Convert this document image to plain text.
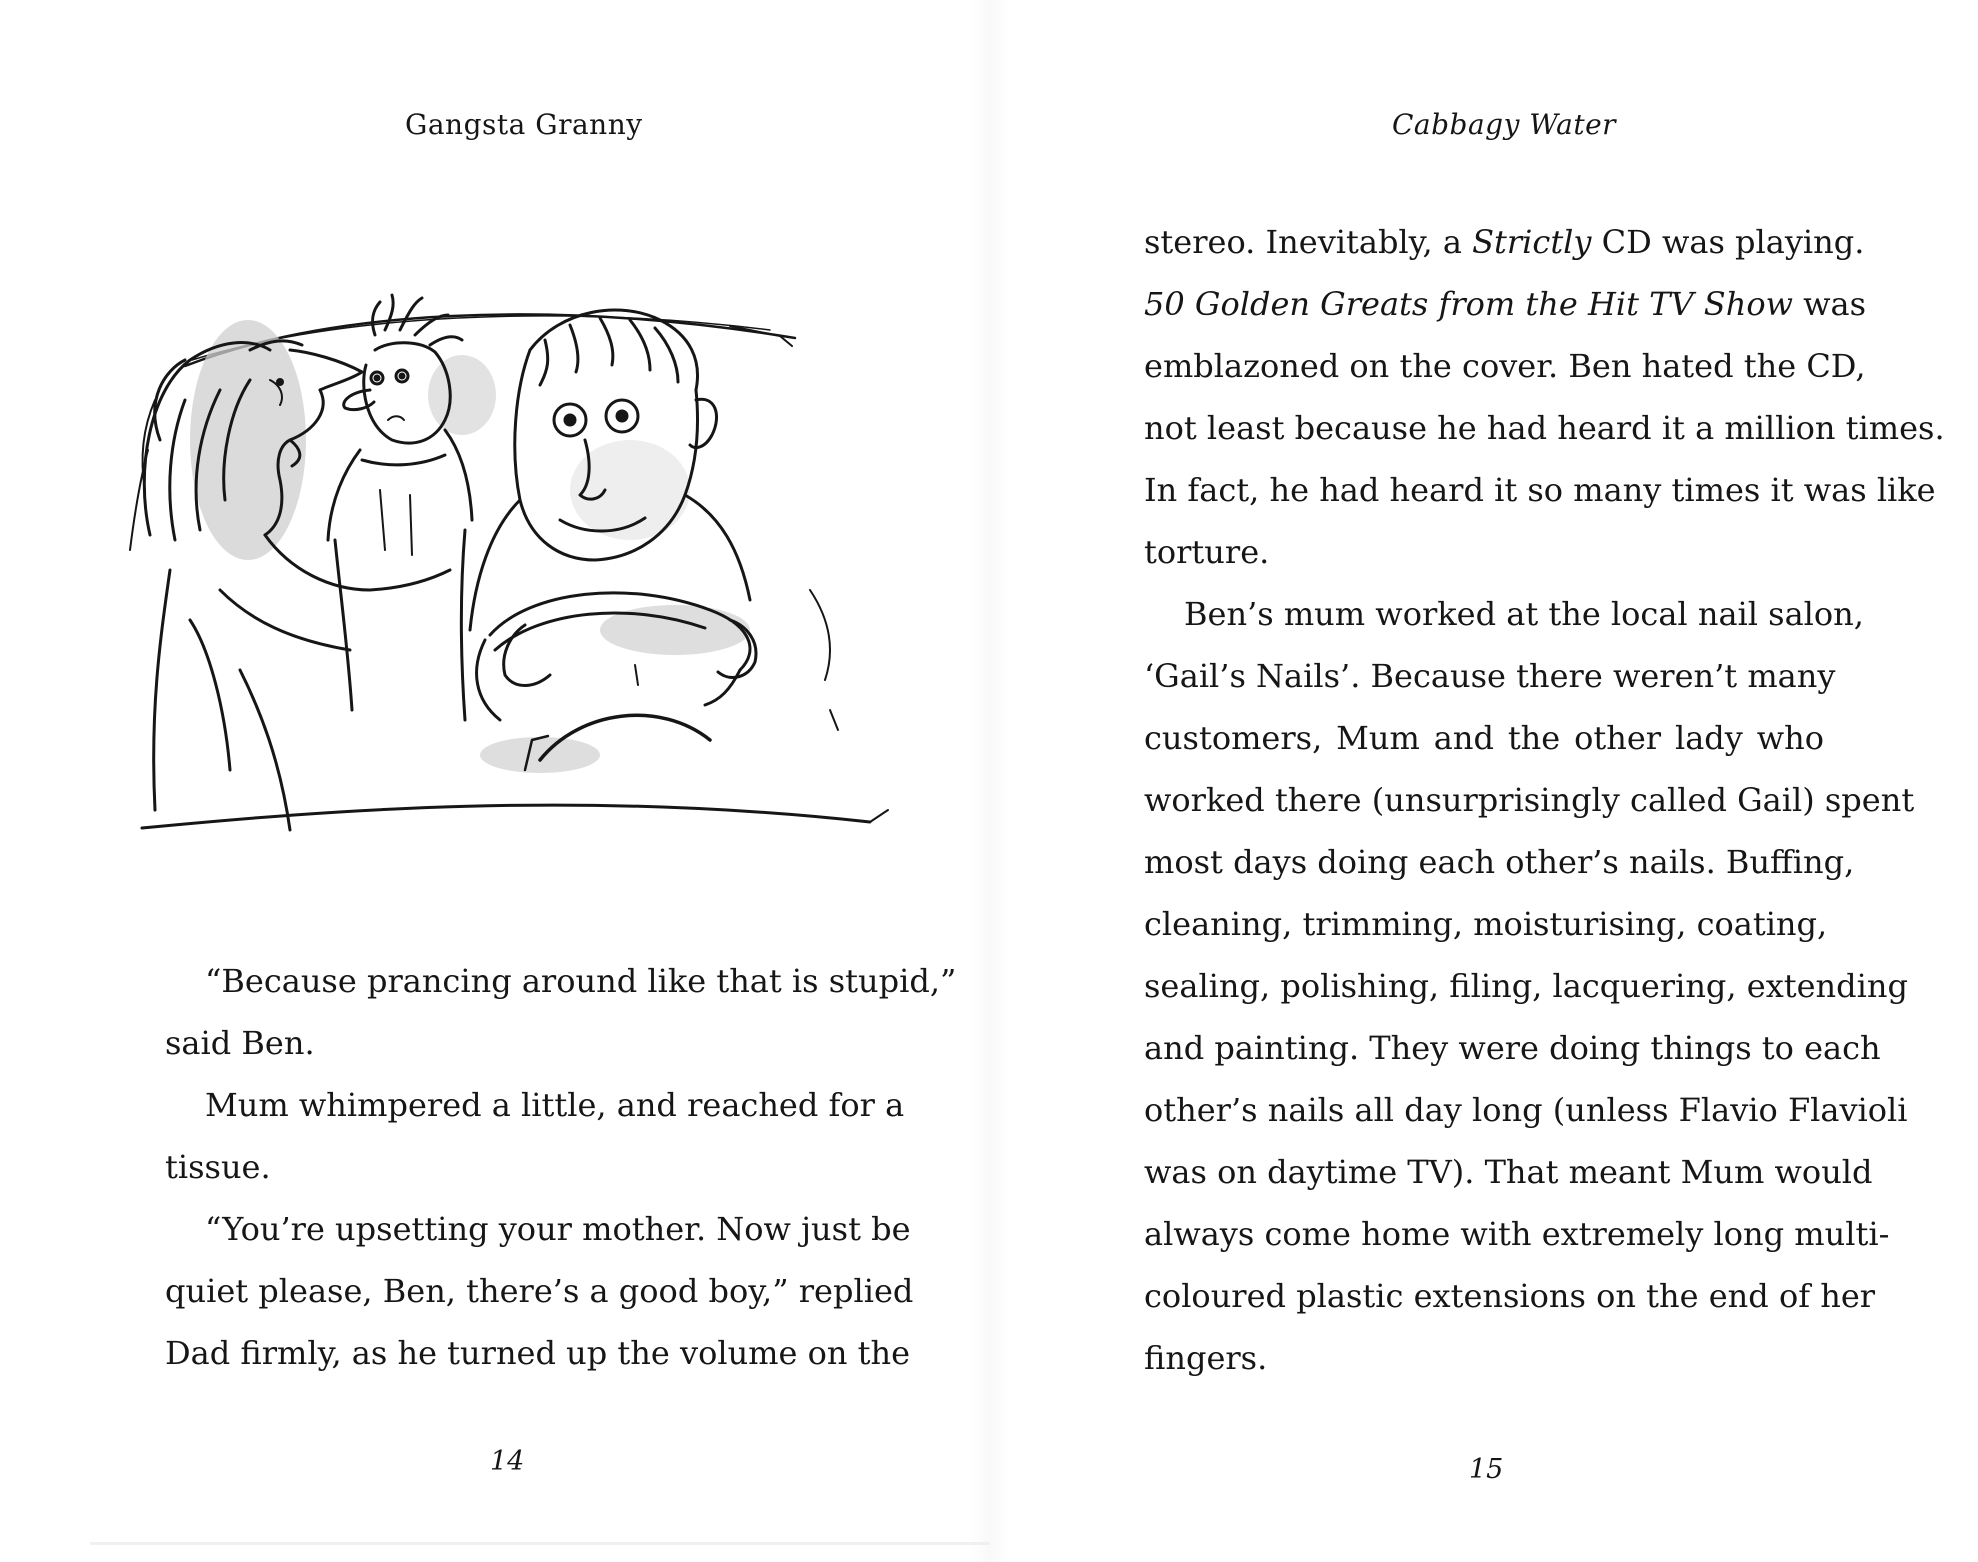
Gangsta Granny
“Because prancing around like that is stupid,”
said Ben.
Mum whimpered a little, and reached for a
tissue.
“You’re upsetting your mother. Now just be
quiet please, Ben, there’s a good boy,” replied
Dad firmly, as he turned up the volume on the
14
Cabbagy Water
stereo. Inevitably, a Strictly CD was playing.
50 Golden Greats from the Hit TV Show was
emblazoned on the cover. Ben hated the CD,
not least because he had heard it a million times.
In fact, he had heard it so many times it was like
torture.
Ben’s mum worked at the local nail salon,
‘Gail’s Nails’. Because there weren’t many
customers, Mum and the other lady who
worked there (unsurprisingly called Gail) spent
most days doing each other’s nails. Buffing,
cleaning, trimming, moisturising, coating,
sealing, polishing, filing, lacquering, extending
and painting. They were doing things to each
other’s nails all day long (unless Flavio Flavioli
was on daytime TV). That meant Mum would
always come home with extremely long multi-
coloured plastic extensions on the end of her
fingers.
15
